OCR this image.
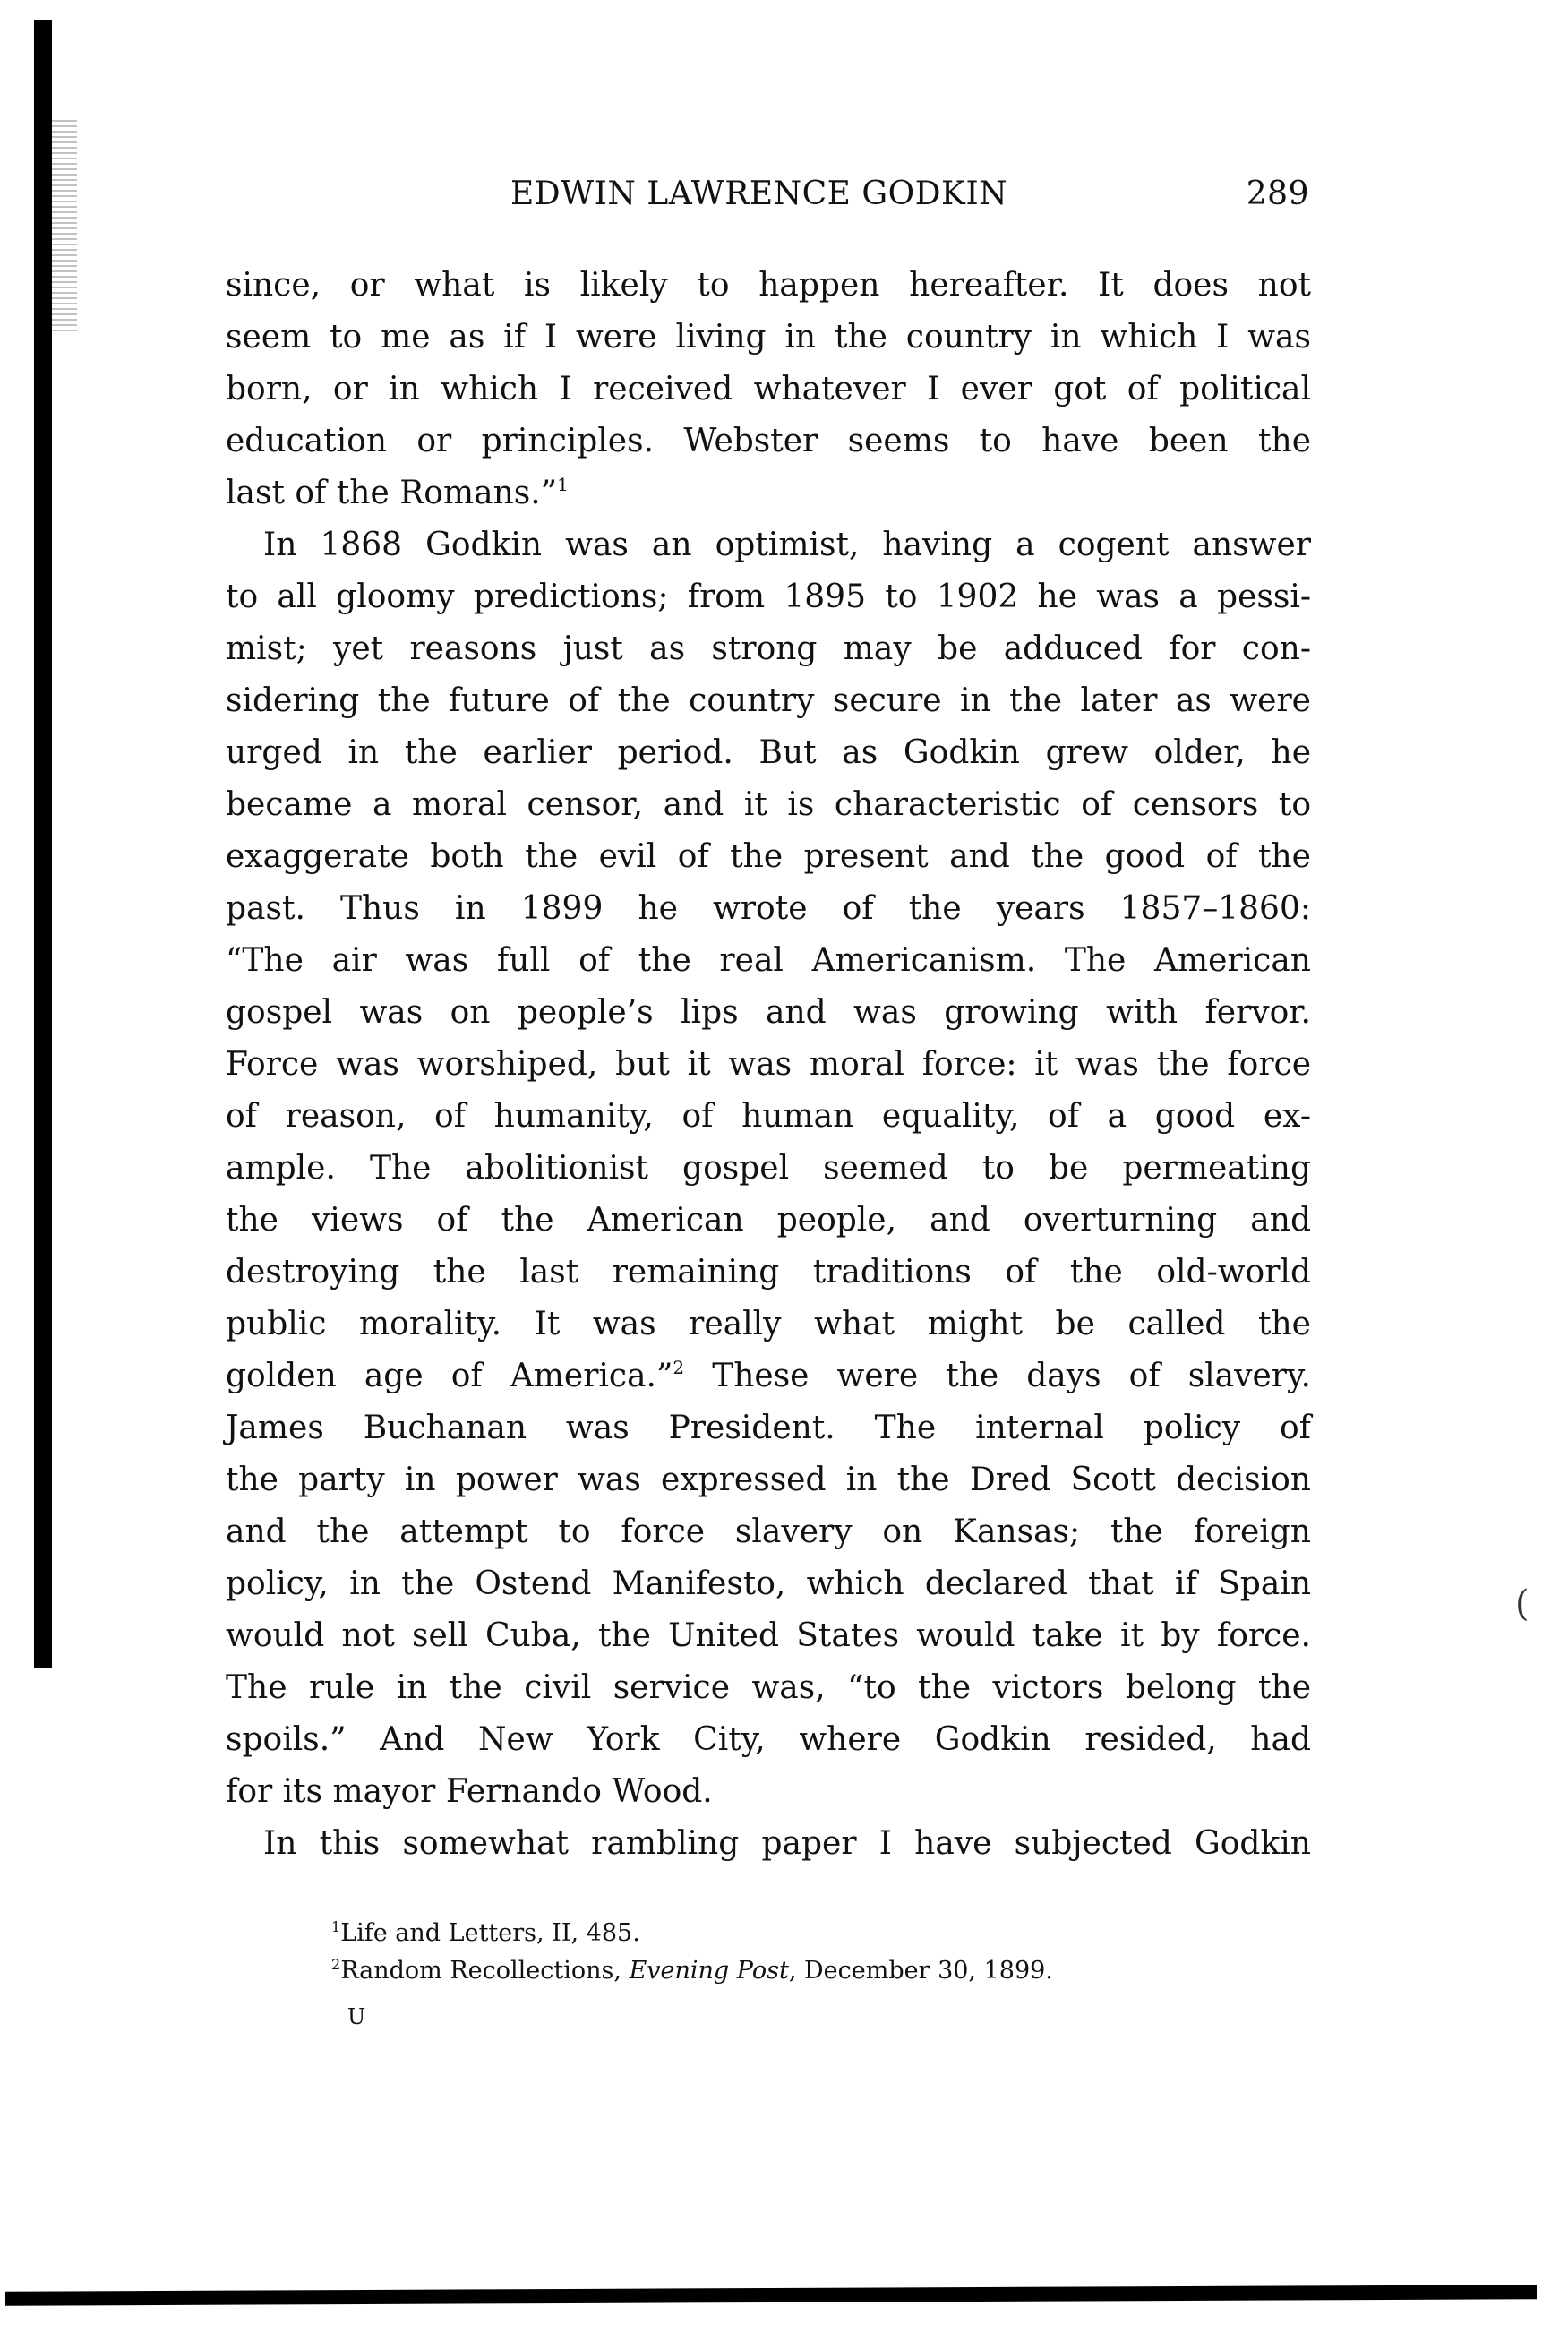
EDWIN LAWRENCE GODKIN	289
since, or what is likely to happen hereafter. It does not
seem to me as if I were living in the country in which I was
born, or in which I received whatever I ever got of political
education or principles. Webster seems to have been the
last of the Romans.”$^1$
In 1868 Godkin was an optimist, having a cogent answer
to all gloomy predictions; from 1895 to 1902 he was a pessi-
mist; yet reasons just as strong may be adduced for con-
sidering the future of the country secure in the later as were
urged in the earlier period. But as Godkin grew older, he
became a moral censor, and it is characteristic of censors to
exaggerate both the evil of the present and the good of the
past. Thus in 1899 he wrote of the years 1857–1860:
“The air was full of the real Americanism. The American
gospel was on people’s lips and was growing with fervor.
Force was worshiped, but it was moral force: it was the force
of reason, of humanity, of human equality, of a good ex-
ample. The abolitionist gospel seemed to be permeating
the views of the American people, and overturning and
destroying the last remaining traditions of the old-world
public morality. It was really what might be called the
golden age of America.”$^2$ These were the days of slavery.
James Buchanan was President. The internal policy of
the party in power was expressed in the Dred Scott decision
and the attempt to force slavery on Kansas; the foreign
policy, in the Ostend Manifesto, which declared that if Spain
would not sell Cuba, the United States would take it by force.
The rule in the civil service was, “to the victors belong the
spoils.” And New York City, where Godkin resided, had
for its mayor Fernando Wood.
In this somewhat rambling paper I have subjected Godkin
$^1$Life and Letters, II, 485.
$^2$Random Recollections, Evening Post, December 30, 1899.
U
(
